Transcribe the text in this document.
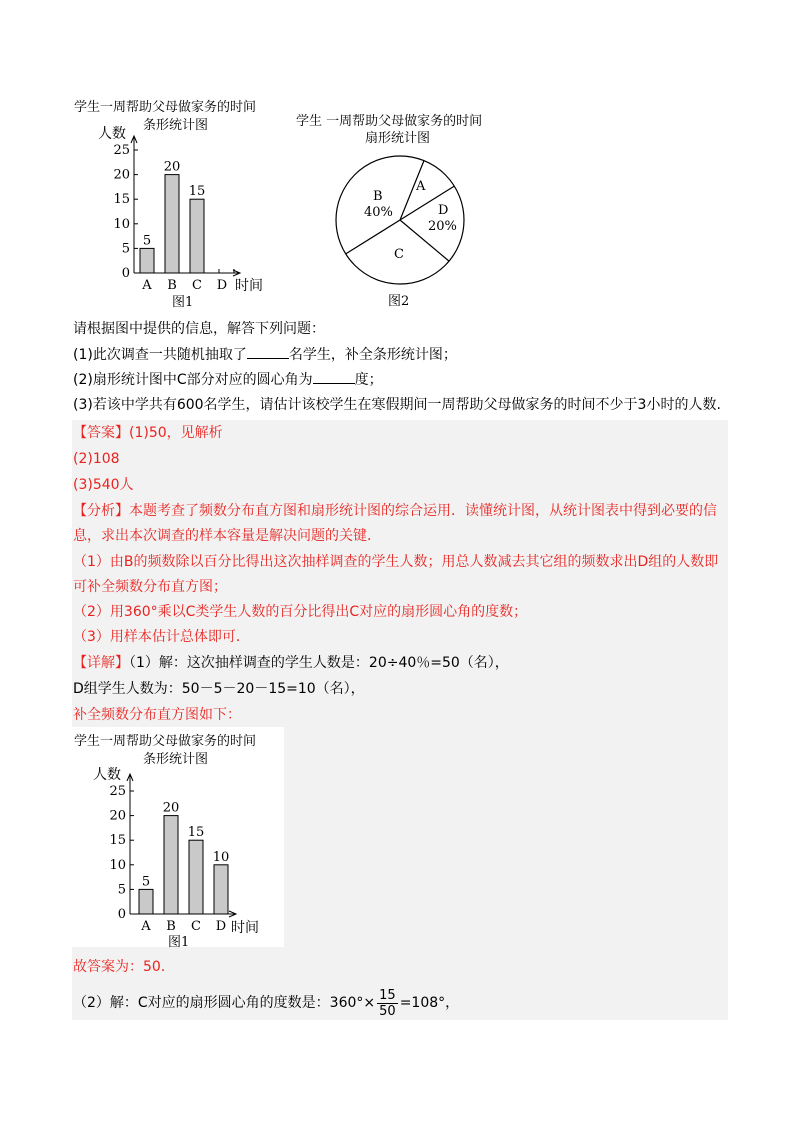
学生一周帮助父母做家务的时间
条形统计图
人数
0
5
10
15
20
25
5
A
20
B
15
C D 时间
图1
学生 一周帮助父母做家务的时间
扇形统计图
B
40%
A
D
20%
C
图2
请根据图中提供的信息，解答下列问题：
(1)此次调查一共随机抽取了	名学生，补全条形统计图；
(2)扇形统计图中C部分对应的圆心角为	度；
(3)若该中学共有600名学生，请估计该校学生在寒假期间一周帮助父母做家务的时间不少于3小时的人数.
【答案】(1)50，见解析
(2)108
(3)540人
【分析】本题考查了频数分布直方图和扇形统计图的综合运用．读懂统计图，从统计图表中得到必要的信
息，求出本次调查的样本容量是解决问题的关键．
（1）由B的频数除以百分比得出这次抽样调查的学生人数；用总人数减去其它组的频数求出D组的人数即
可补全频数分布直方图；
（2）用360°乘以C类学生人数的百分比得出C对应的扇形圆心角的度数；
（3）用样本估计总体即可．
【详解】（1）解：这次抽样调查的学生人数是：20÷40％=50（名），
D组学生人数为：50－5－20－15=10（名），
补全频数分布直方图如下：
学生一周帮助父母做家务的时间
条形统计图
人数
0
5
10
15
20
25
5
A
20
B
15
C
10
D 时间
图1
故答案为：50．
（2）解：C对应的扇形圆心角的度数是：$360^\circ\times \frac{15}{50} =108^\circ$，
